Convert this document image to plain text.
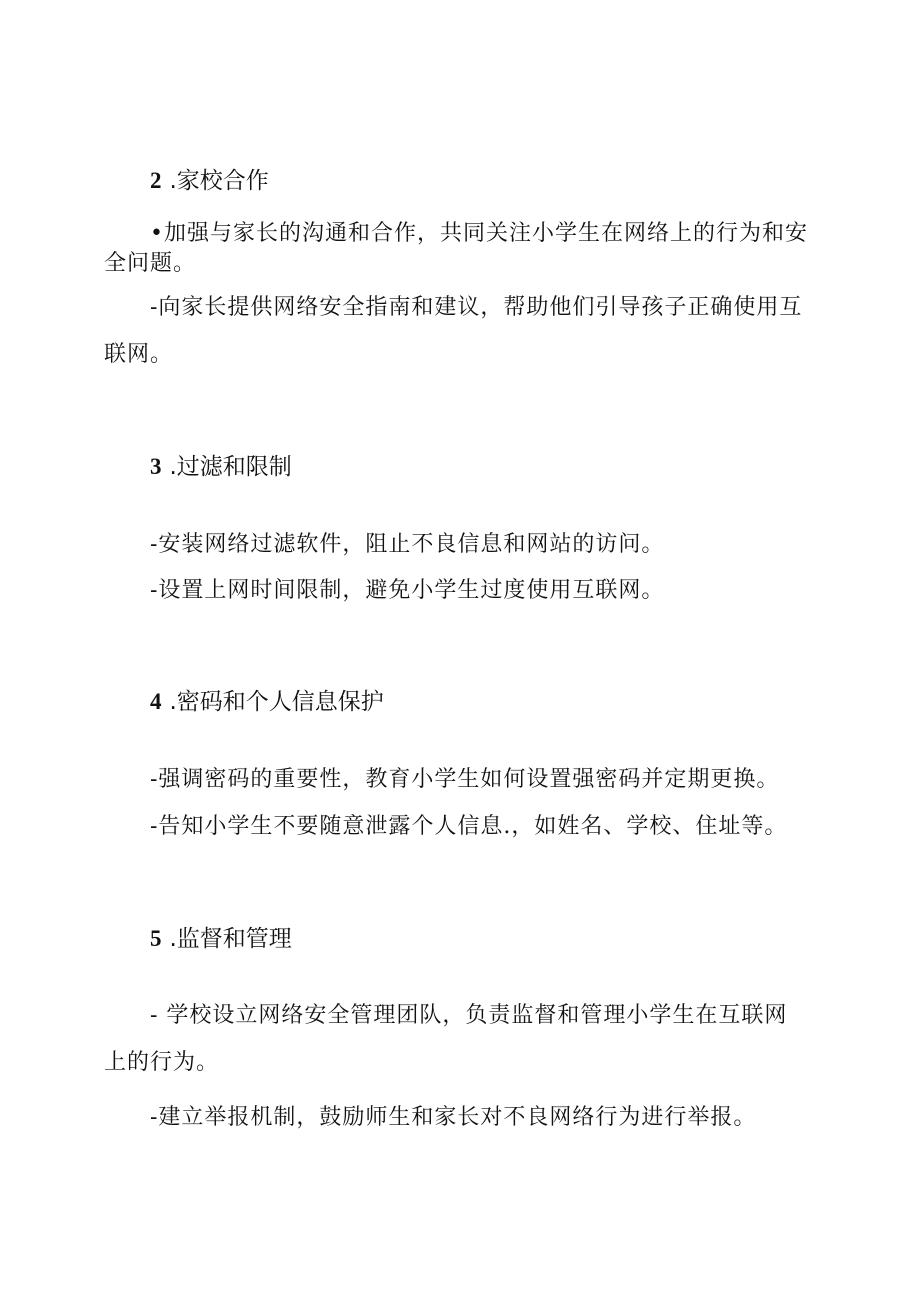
2 .家校合作
•加强与家长的沟通和合作，共同关注小学生在网络上的行为和安
全问题。
-向家长提供网络安全指南和建议，帮助他们引导孩子正确使用互
联网。
3 .过滤和限制
-安装网络过滤软件，阻止不良信息和网站的访问。
-设置上网时间限制，避免小学生过度使用互联网。
4 .密码和个人信息保护
-强调密码的重要性，教育小学生如何设置强密码并定期更换。
-告知小学生不要随意泄露个人信息.，如姓名、学校、住址等。
5 .监督和管理
- 学校设立网络安全管理团队，负责监督和管理小学生在互联网
上的行为。
-建立举报机制，鼓励师生和家长对不良网络行为进行举报。
